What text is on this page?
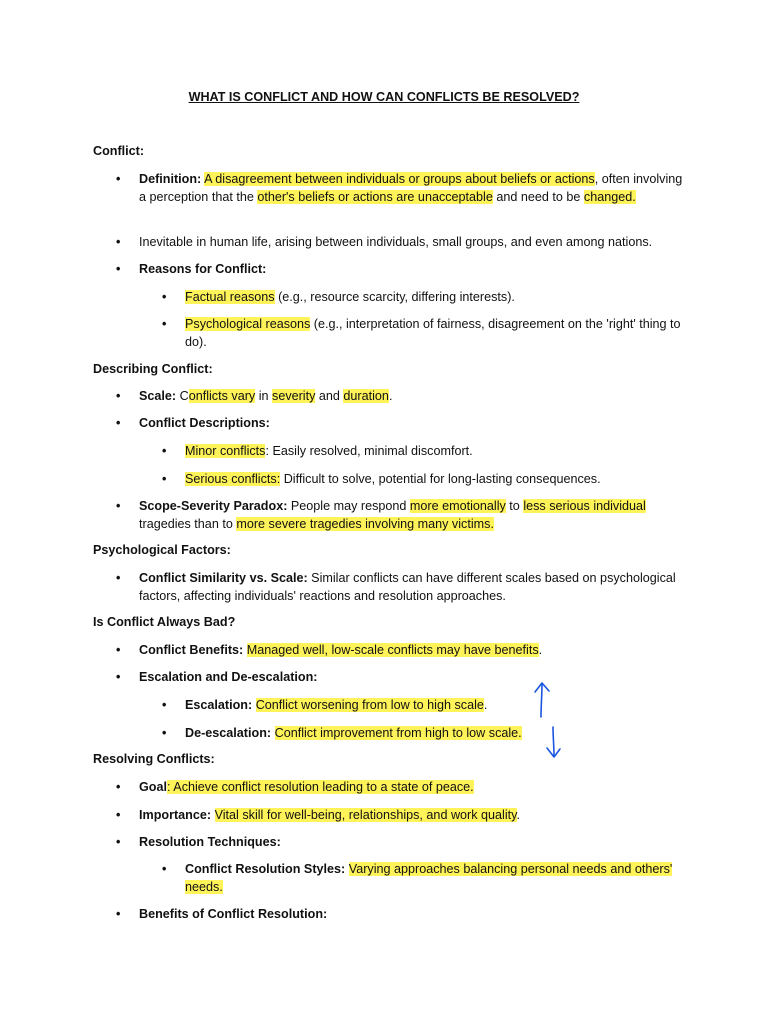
WHAT IS CONFLICT AND HOW CAN CONFLICTS BE RESOLVED?
Conflict:
• Definition: A disagreement between individuals or groups about beliefs or actions, often involving a perception that the other's beliefs or actions are unacceptable and need to be changed.
• Inevitable in human life, arising between individuals, small groups, and even among nations.
• Reasons for Conflict:
• Factual reasons (e.g., resource scarcity, differing interests).
• Psychological reasons (e.g., interpretation of fairness, disagreement on the 'right' thing to do).
Describing Conflict:
• Scale: Conflicts vary in severity and duration.
• Conflict Descriptions:
• Minor conflicts: Easily resolved, minimal discomfort.
• Serious conflicts: Difficult to solve, potential for long-lasting consequences.
• Scope-Severity Paradox: People may respond more emotionally to less serious individual tragedies than to more severe tragedies involving many victims.
Psychological Factors:
• Conflict Similarity vs. Scale: Similar conflicts can have different scales based on psychological factors, affecting individuals' reactions and resolution approaches.
Is Conflict Always Bad?
• Conflict Benefits: Managed well, low-scale conflicts may have benefits.
• Escalation and De-escalation:
• Escalation: Conflict worsening from low to high scale.
• De-escalation: Conflict improvement from high to low scale.
Resolving Conflicts:
• Goal: Achieve conflict resolution leading to a state of peace.
• Importance: Vital skill for well-being, relationships, and work quality.
• Resolution Techniques:
• Conflict Resolution Styles: Varying approaches balancing personal needs and others' needs.
• Benefits of Conflict Resolution:
